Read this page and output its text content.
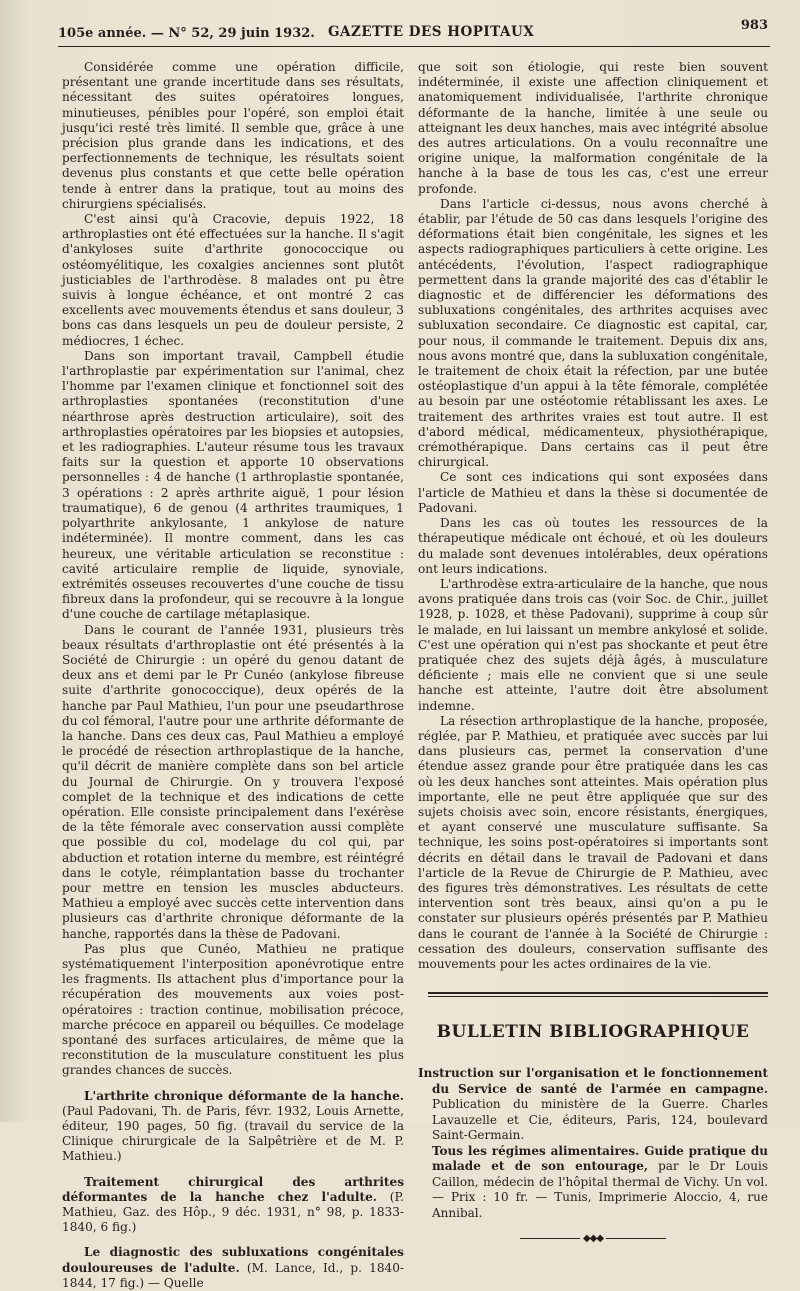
105e année. — N° 52, 29 juin 1932. GAZETTE DES HOPITAUX	983

Considérée comme une opération difficile, présentant une grande incertitude dans ses résultats, nécessitant des suites opératoires longues, minutieuses, pénibles pour l'opéré, son emploi était jusqu'ici resté très limité. Il semble que, grâce à une précision plus grande dans les indications, et des perfectionnements de technique, les résultats soient devenus plus constants et que cette belle opération tende à entrer dans la pratique, tout au moins des chirurgiens spécialisés.

C'est ainsi qu'à Cracovie, depuis 1922, 18 arthroplasties ont été effectuées sur la hanche. Il s'agit d'ankyloses suite d'arthrite gonococcique ou ostéomyélitique, les coxalgies anciennes sont plutôt justiciables de l'arthrodèse. 8 malades ont pu être suivis à longue échéance, et ont montré 2 cas excellents avec mouvements étendus et sans douleur, 3 bons cas dans lesquels un peu de douleur persiste, 2 médiocres, 1 échec.

Dans son important travail, Campbell étudie l'arthroplastie par expérimentation sur l'animal, chez l'homme par l'examen clinique et fonctionnel soit des arthroplasties spontanées (reconstitution d'une néarthrose après destruction articulaire), soit des arthroplasties opératoires par les biopsies et autopsies, et les radiographies. L'auteur résume tous les travaux faits sur la question et apporte 10 observations personnelles : 4 de hanche (1 arthroplastie spontanée, 3 opérations : 2 après arthrite aiguë, 1 pour lésion traumatique), 6 de genou (4 arthrites traumiques, 1 polyarthrite ankylosante, 1 ankylose de nature indéterminée). Il montre comment, dans les cas heureux, une véritable articulation se reconstitue : cavité articulaire remplie de liquide, synoviale, extrémités osseuses recouvertes d'une couche de tissu fibreux dans la profondeur, qui se recouvre à la longue d'une couche de cartilage métaplasique.

Dans le courant de l'année 1931, plusieurs très beaux résultats d'arthroplastie ont été présentés à la Société de Chirurgie : un opéré du genou datant de deux ans et demi par le Pr Cunéo (ankylose fibreuse suite d'arthrite gonococcique), deux opérés de la hanche par Paul Mathieu, l'un pour une pseudarthrose du col fémoral, l'autre pour une arthrite déformante de la hanche. Dans ces deux cas, Paul Mathieu a employé le procédé de résection arthroplastique de la hanche, qu'il décrit de manière complète dans son bel article du Journal de Chirurgie. On y trouvera l'exposé complet de la technique et des indications de cette opération. Elle consiste principalement dans l'exérèse de la tête fémorale avec conservation aussi complète que possible du col, modelage du col qui, par abduction et rotation interne du membre, est réintégré dans le cotyle, réimplantation basse du trochanter pour mettre en tension les muscles abducteurs. Mathieu a employé avec succès cette intervention dans plusieurs cas d'arthrite chronique déformante de la hanche, rapportés dans la thèse de Padovani.

Pas plus que Cunéo, Mathieu ne pratique systématiquement l'interposition aponévrotique entre les fragments. Ils attachent plus d'importance pour la récupération des mouvements aux voies post-opératoires : traction continue, mobilisation précoce, marche précoce en appareil ou béquilles. Ce modelage spontané des surfaces articulaires, de même que la reconstitution de la musculature constituent les plus grandes chances de succès.

L'arthrite chronique déformante de la hanche. (Paul Padovani, Th. de Paris, févr. 1932, Louis Arnette, éditeur, 190 pages, 50 fig. (travail du service de la Clinique chirurgicale de la Salpêtrière et de M. P. Mathieu.)

Traitement chirurgical des arthrites déformantes de la hanche chez l'adulte. (P. Mathieu, Gaz. des Hôp., 9 déc. 1931, n° 98, p. 1833-1840, 6 fig.)

Le diagnostic des subluxations congénitales douloureuses de l'adulte. (M. Lance, Id., p. 1840-1844, 17 fig.) — Quelle

que soit son étiologie, qui reste bien souvent indéterminée, il existe une affection cliniquement et anatomiquement individualisée, l'arthrite chronique déformante de la hanche, limitée à une seule ou atteignant les deux hanches, mais avec intégrité absolue des autres articulations. On a voulu reconnaître une origine unique, la malformation congénitale de la hanche à la base de tous les cas, c'est une erreur profonde.

Dans l'article ci-dessus, nous avons cherché à établir, par l'étude de 50 cas dans lesquels l'origine des déformations était bien congénitale, les signes et les aspects radiographiques particuliers à cette origine. Les antécédents, l'évolution, l'aspect radiographique permettent dans la grande majorité des cas d'établir le diagnostic et de différencier les déformations des subluxations congénitales, des arthrites acquises avec subluxation secondaire. Ce diagnostic est capital, car, pour nous, il commande le traitement. Depuis dix ans, nous avons montré que, dans la subluxation congénitale, le traitement de choix était la réfection, par une butée ostéoplastique d'un appui à la tête fémorale, complétée au besoin par une ostéotomie rétablissant les axes. Le traitement des arthrites vraies est tout autre. Il est d'abord médical, médicamenteux, physiothérapique, crémothérapique. Dans certains cas il peut être chirurgical.

Ce sont ces indications qui sont exposées dans l'article de Mathieu et dans la thèse si documentée de Padovani.

Dans les cas où toutes les ressources de la thérapeutique médicale ont échoué, et où les douleurs du malade sont devenues intolérables, deux opérations ont leurs indications.

L'arthrodèse extra-articulaire de la hanche, que nous avons pratiquée dans trois cas (voir Soc. de Chir., juillet 1928, p. 1028, et thèse Padovani), supprime à coup sûr le malade, en lui laissant un membre ankylosé et solide. C'est une opération qui n'est pas shockante et peut être pratiquée chez des sujets déjà âgés, à musculature déficiente ; mais elle ne convient que si une seule hanche est atteinte, l'autre doit être absolument indemne.

La résection arthroplastique de la hanche, proposée, réglée, par P. Mathieu, et pratiquée avec succès par lui dans plusieurs cas, permet la conservation d'une étendue assez grande pour être pratiquée dans les cas où les deux hanches sont atteintes. Mais opération plus importante, elle ne peut être appliquée que sur des sujets choisis avec soin, encore résistants, énergiques, et ayant conservé une musculature suffisante. Sa technique, les soins post-opératoires si importants sont décrits en détail dans le travail de Padovani et dans l'article de la Revue de Chirurgie de P. Mathieu, avec des figures très démonstratives. Les résultats de cette intervention sont très beaux, ainsi qu'on a pu le constater sur plusieurs opérés présentés par P. Mathieu dans le courant de l'année à la Société de Chirurgie : cessation des douleurs, conservation suffisante des mouvements pour les actes ordinaires de la vie.

BULLETIN BIBLIOGRAPHIQUE

Instruction sur l'organisation et le fonctionnement du Service de santé de l'armée en campagne. Publication du ministère de la Guerre. Charles Lavauzelle et Cie, éditeurs, Paris, 124, boulevard Saint-Germain.

Tous les régimes alimentaires. Guide pratique du malade et de son entourage, par le Dr Louis Caillon, médecin de l'hôpital thermal de Vichy. Un vol. — Prix : 10 fr. — Tunis, Imprimerie Aloccio, 4, rue Annibal.

◆◆◆
